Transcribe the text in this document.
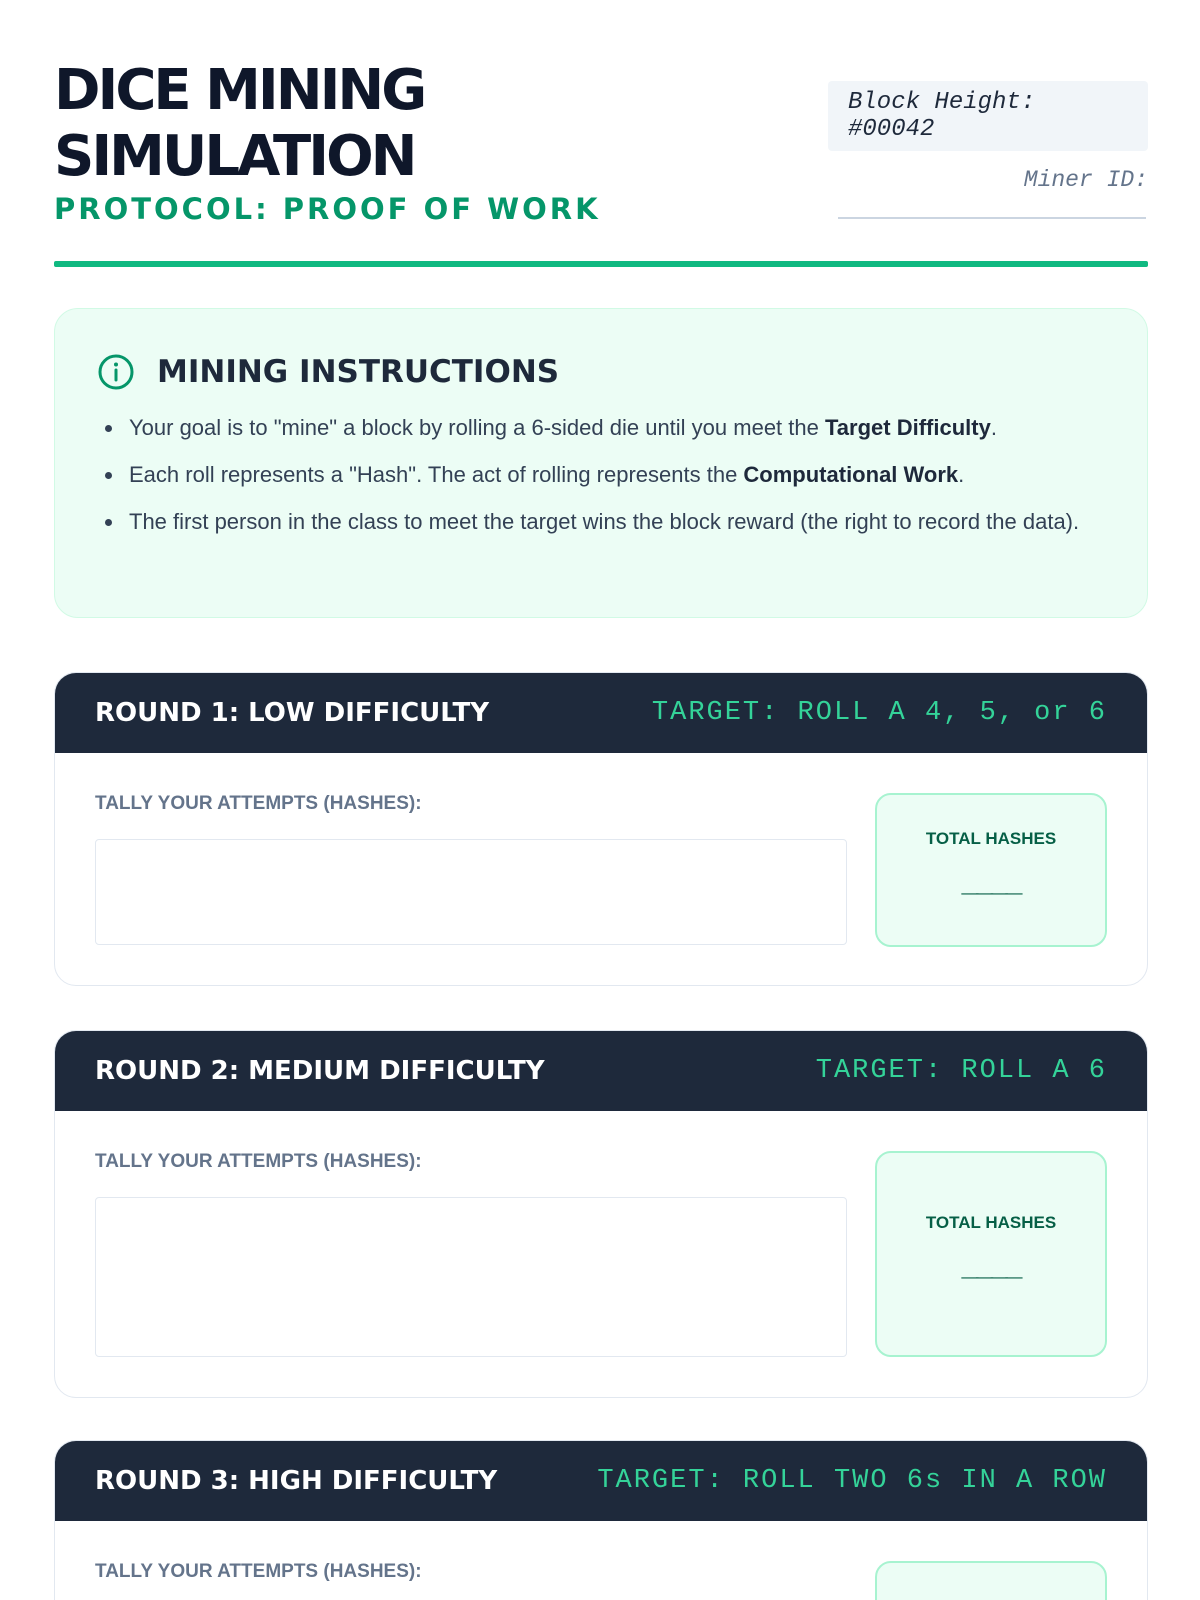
DICE MINING SIMULATION
PROTOCOL: PROOF OF WORK
Block Height: #00042
Miner ID:
MINING INSTRUCTIONS
Your goal is to "mine" a block by rolling a 6-sided die until you meet the Target Difficulty.
Each roll represents a "Hash". The act of rolling represents the Computational Work.
The first person in the class to meet the target wins the block reward (the right to record the data).
ROUND 1: LOW DIFFICULTY	TARGET: ROLL A 4, 5, or 6
TALLY YOUR ATTEMPTS (HASHES):
TOTAL HASHES
____
ROUND 2: MEDIUM DIFFICULTY	TARGET: ROLL A 6
TALLY YOUR ATTEMPTS (HASHES):
TOTAL HASHES
____
ROUND 3: HIGH DIFFICULTY	TARGET: ROLL TWO 6s IN A ROW
TALLY YOUR ATTEMPTS (HASHES):
